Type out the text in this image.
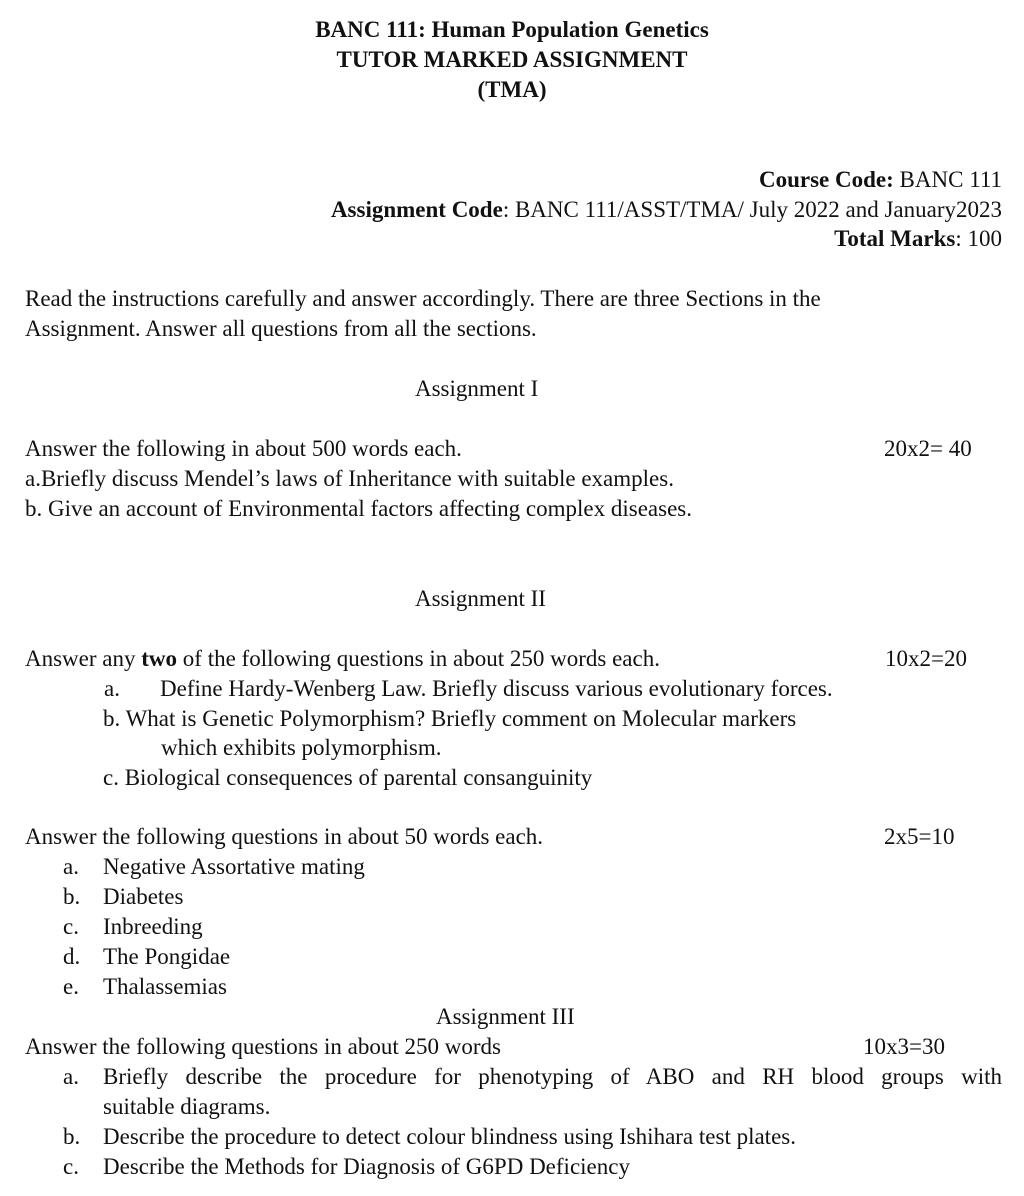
BANC 111: Human Population Genetics
TUTOR MARKED ASSIGNMENT
(TMA)
Course Code: BANC 111
Assignment Code: BANC 111/ASST/TMA/ July 2022 and January2023
Total Marks: 100
Read the instructions carefully and answer accordingly. There are three Sections in the
Assignment. Answer all questions from all the sections.
Assignment I
Answer the following in about 500 words each.	20x2= 40
a.Briefly discuss Mendel’s laws of Inheritance with suitable examples.
b. Give an account of Environmental factors affecting complex diseases.
Assignment II
Answer any two of the following questions in about 250 words each.	10x2=20
a. Define Hardy-Wenberg Law. Briefly discuss various evolutionary forces.
b. What is Genetic Polymorphism? Briefly comment on Molecular markers
which exhibits polymorphism.
c. Biological consequences of parental consanguinity
Answer the following questions in about 50 words each.	2x5=10
a. Negative Assortative mating
b. Diabetes
c. Inbreeding
d. The Pongidae
e. Thalassemias
Assignment III
Answer the following questions in about 250 words	10x3=30
a. Briefly describe the procedure for phenotyping of ABO and RH blood groups with
suitable diagrams.
b. Describe the procedure to detect colour blindness using Ishihara test plates.
c. Describe the Methods for Diagnosis of G6PD Deficiency
